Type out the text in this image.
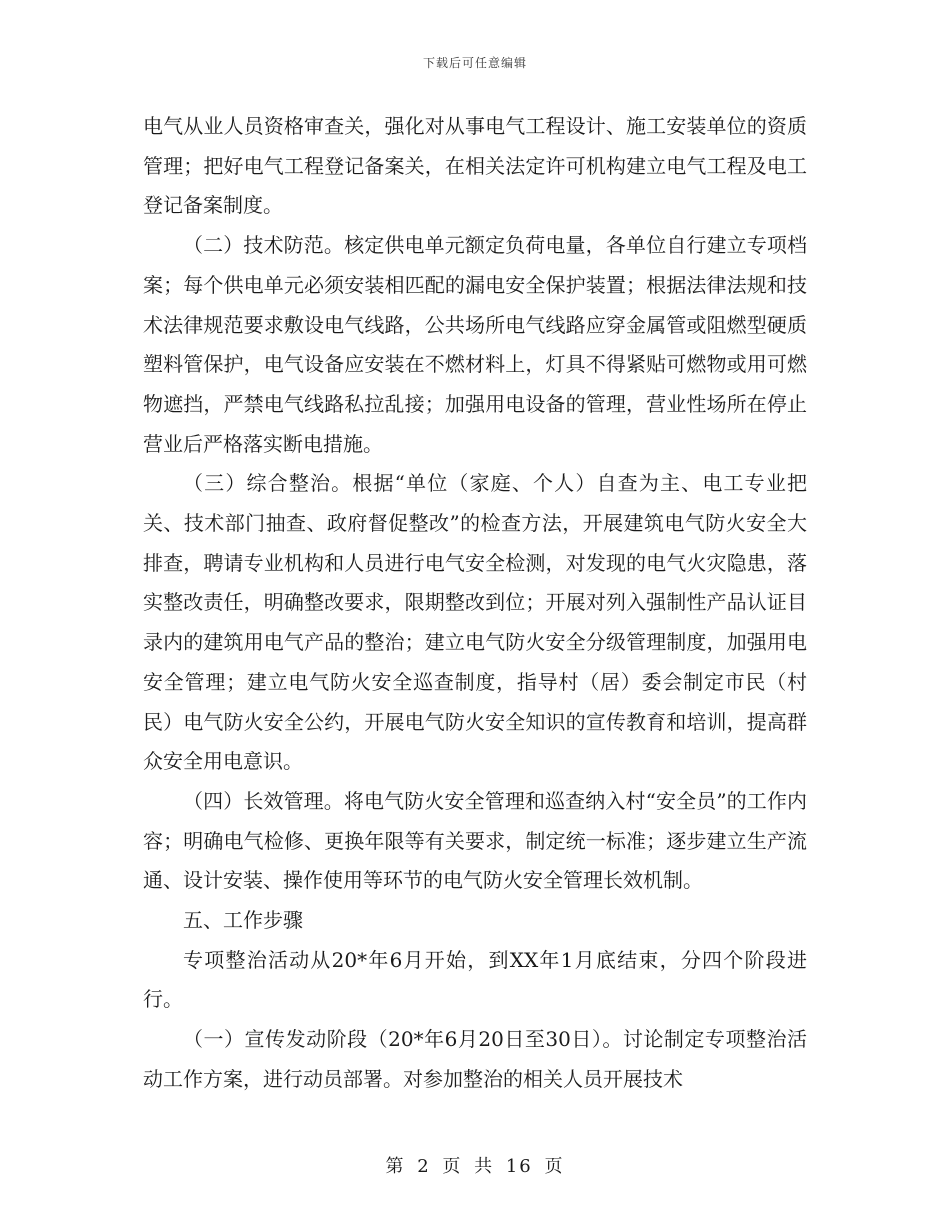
下载后可任意编辑

电气从业人员资格审查关，强化对从事电气工程设计、施工安装单位的资质管理；把好电气工程登记备案关，在相关法定许可机构建立电气工程及电工登记备案制度。

（二）技术防范。核定供电单元额定负荷电量，各单位自行建立专项档案；每个供电单元必须安装相匹配的漏电安全保护装置；根据法律法规和技术法律规范要求敷设电气线路，公共场所电气线路应穿金属管或阻燃型硬质塑料管保护，电气设备应安装在不燃材料上，灯具不得紧贴可燃物或用可燃物遮挡，严禁电气线路私拉乱接；加强用电设备的管理，营业性场所在停止营业后严格落实断电措施。

（三）综合整治。根据“单位（家庭、个人）自查为主、电工专业把关、技术部门抽查、政府督促整改”的检查方法，开展建筑电气防火安全大排查，聘请专业机构和人员进行电气安全检测，对发现的电气火灾隐患，落实整改责任，明确整改要求，限期整改到位；开展对列入强制性产品认证目录内的建筑用电气产品的整治；建立电气防火安全分级管理制度，加强用电安全管理；建立电气防火安全巡查制度，指导村（居）委会制定市民（村民）电气防火安全公约，开展电气防火安全知识的宣传教育和培训，提高群众安全用电意识。

（四）长效管理。将电气防火安全管理和巡查纳入村“安全员”的工作内容；明确电气检修、更换年限等有关要求，制定统一标准；逐步建立生产流通、设计安装、操作使用等环节的电气防火安全管理长效机制。

五、工作步骤

专项整治活动从20*年6月开始，到XX年1月底结束，分四个阶段进行。

（一）宣传发动阶段（20*年6月20日至30日）。讨论制定专项整治活动工作方案，进行动员部署。对参加整治的相关人员开展技术

第 2 页 共 16 页
